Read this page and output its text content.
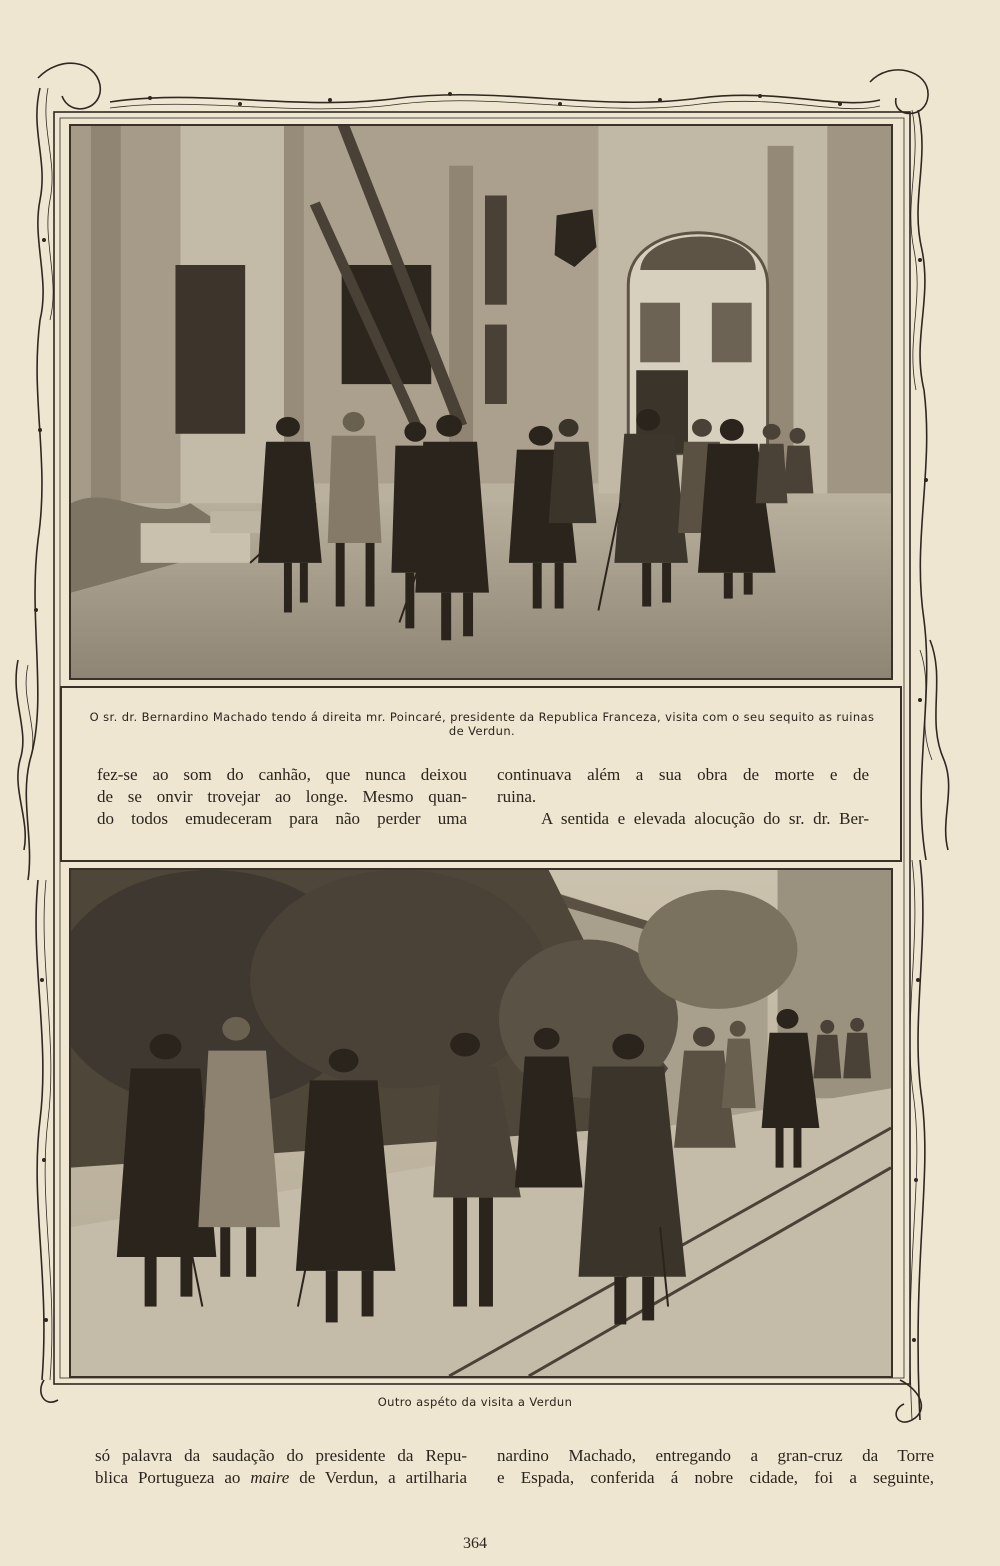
O sr. dr. Bernardino Machado tendo á direita mr. Poincaré, presidente da Republica Franceza, visita com o seu sequito as ruinas de Verdun.
fez-se ao som do canhão, que nunca deixou
de se onvir trovejar ao longe. Mesmo quan-
do todos emudeceram para não perder uma
continuava além a sua obra de morte e de
ruina.
A sentida e elevada alocução do sr. dr. Ber-
Outro aspéto da visita a Verdun
só palavra da saudação do presidente da Repu-
blica Portugueza ao maire de Verdun, a artilharia
nardino Machado, entregando a gran-cruz da Torre
e Espada, conferida á nobre cidade, foi a seguinte,
364
